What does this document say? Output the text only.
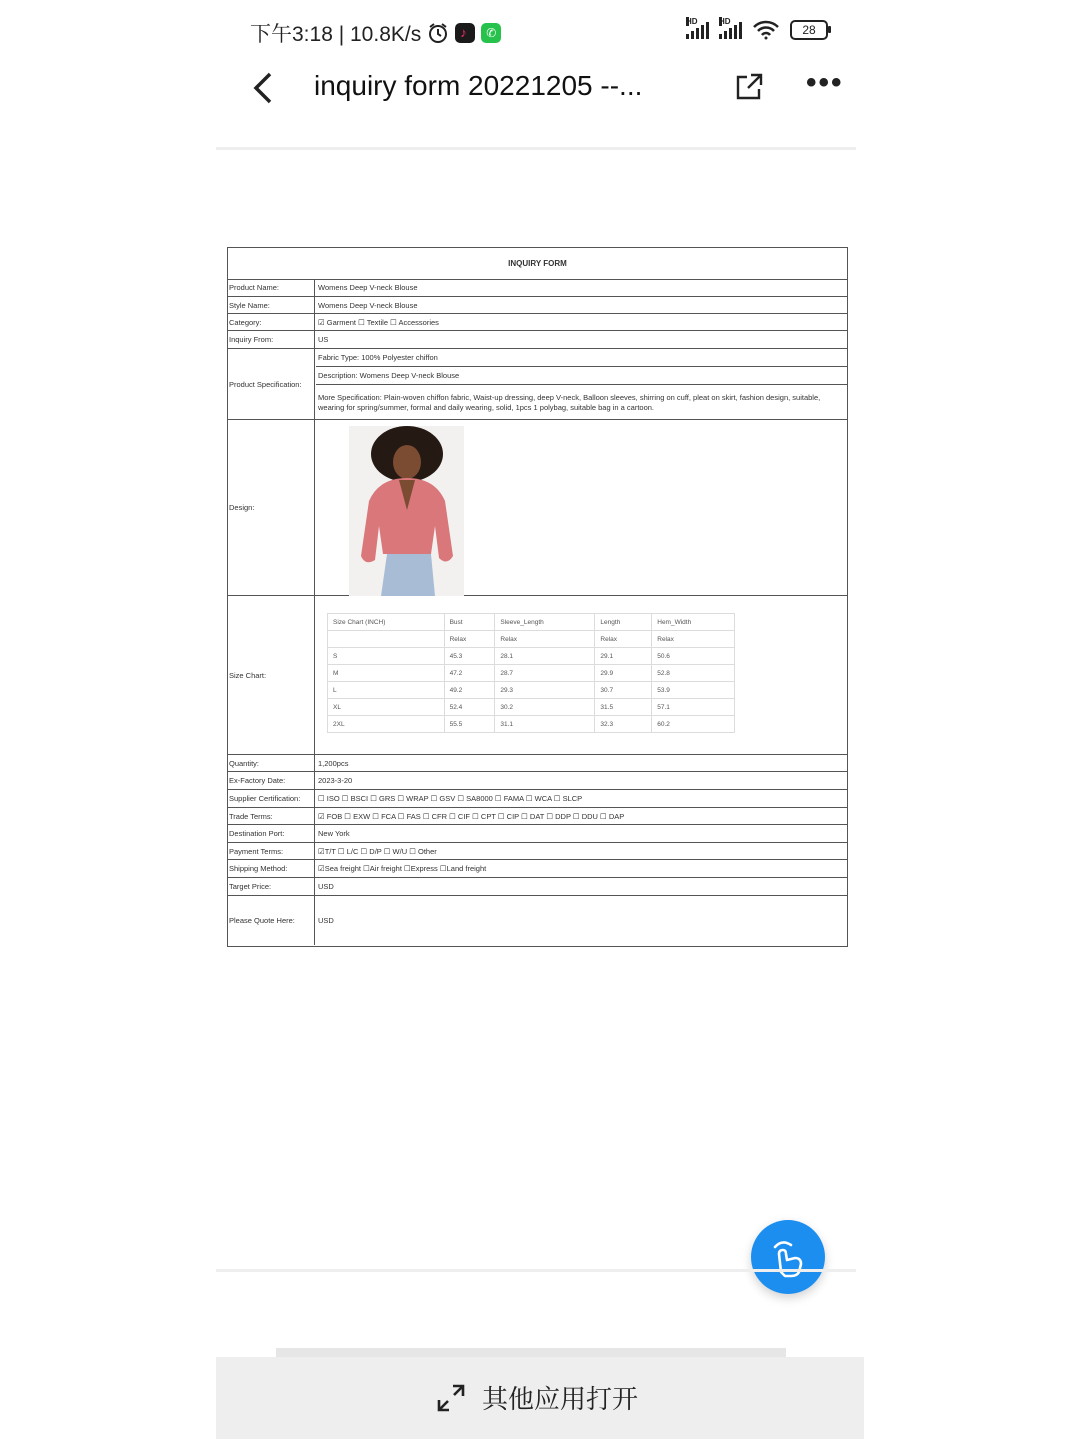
下午3:18 | 10.8K/s	♪	✆
HD	HD
28
inquiry form 20221205 --...	•••
INQUIRY FORM
Product Name:	Womens Deep V-neck Blouse
Style Name:	Womens Deep V-neck Blouse
Category:	☑ Garment ☐ Textile ☐ Accessories
Inquiry From:	US
Product Specification:
Fabric Type: 100% Polyester chiffon
Description: Womens Deep V-neck Blouse
More Specification: Plain-woven chiffon fabric, Waist-up dressing, deep V-neck, Balloon sleeves, shirring on cuff, pleat on skirt, fashion design, suitable, wearing for spring/summer, formal and daily wearing, solid, 1pcs 1 polybag, suitable bag in a cartoon.
Design:
Size Chart:
Size Chart (INCH)	Bust	Sleeve_Length	Length	Hem_Width
	Relax	Relax	Relax	Relax
S	45.3	28.1	29.1	50.6
M	47.2	28.7	29.9	52.8
L	49.2	29.3	30.7	53.9
XL	52.4	30.2	31.5	57.1
2XL	55.5	31.1	32.3	60.2
Quantity:	1,200pcs
Ex-Factory Date:	2023-3-20
Supplier Certification:	☐ ISO ☐ BSCI ☐ GRS ☐ WRAP ☐ GSV ☐ SA8000 ☐ FAMA ☐ WCA ☐ SLCP
Trade Terms:	☑ FOB ☐ EXW ☐ FCA ☐ FAS ☐ CFR ☐ CIF ☐ CPT ☐ CIP ☐ DAT ☐ DDP ☐ DDU ☐ DAP
Destination Port:	New York
Payment Terms:	☑T/T ☐ L/C ☐ D/P ☐ W/U ☐ Other
Shipping Method:	☑Sea freight ☐Air freight ☐Express ☐Land freight
Target Price:	USD
Please Quote Here:	USD
其他应用打开
